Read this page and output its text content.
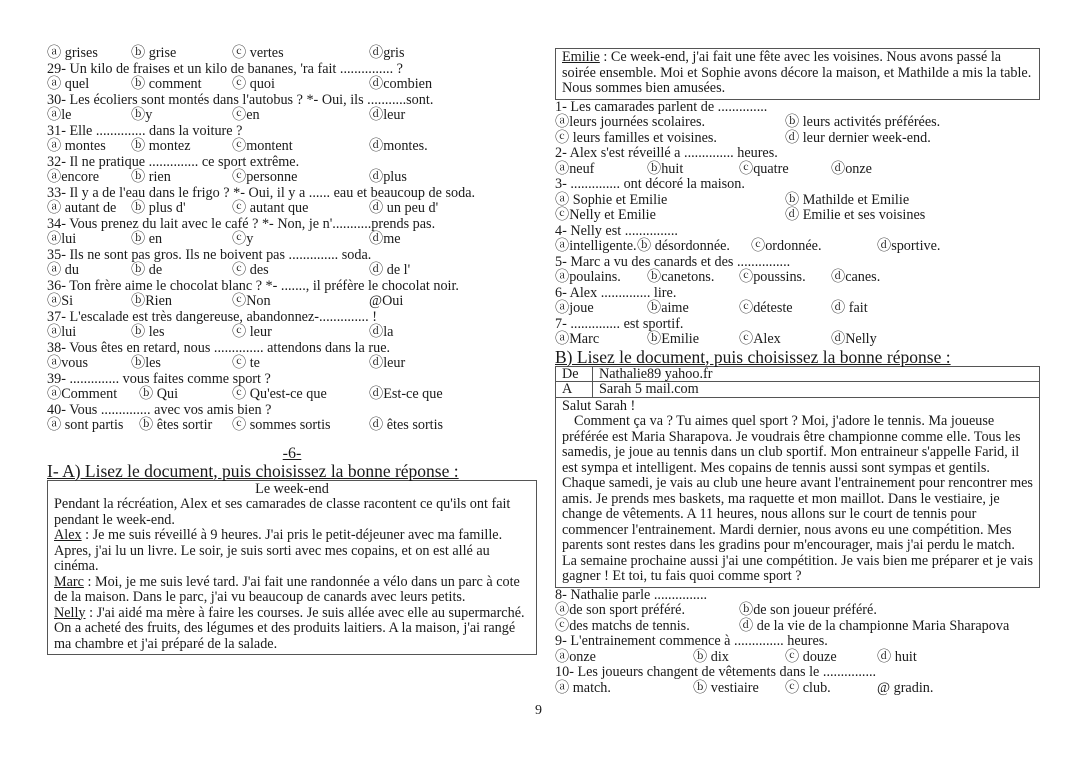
ⓐ grises ⓑ grise	ⓒ vertes	ⓓgris
29- Un kilo de fraises et un kilo de bananes, 'ra fait ............... ?
ⓐ quel	ⓑ comment ⓒ quoi	ⓓcombien
30- Les écoliers sont montés dans l'autobus ? *- Oui, ils ...........sont.
ⓐle	ⓑy	ⓒen	ⓓleur
31- Elle .............. dans la voiture ?
ⓐ montes ⓑ montez	ⓒmontent	ⓓmontes.
32- Il ne pratique .............. ce sport extrême.
ⓐencore ⓑ rien	ⓒpersonne	ⓓplus
33- Il y a de l'eau dans le frigo ? *- Oui, il y a ...... eau et beaucoup de soda.
ⓐ autant de ⓑ plus d'	ⓒ autant que	ⓓ un peu d'
34- Vous prenez du lait avec le café ? *- Non, je n'...........prends pas.
ⓐlui	ⓑ en	ⓒy	ⓓme
35- Ils ne sont pas gros. Ils ne boivent pas .............. soda.
ⓐ du	ⓑ de	ⓒ des	ⓓ de l'
36- Ton frère aime le chocolat blanc ? *- ......., il préfère le chocolat noir.
ⓐSi	ⓑRien	ⓒNon	@Oui
37- L'escalade est très dangereuse, abandonnez-.............. !
ⓐlui	ⓑ les	ⓒ leur	ⓓla
38- Vous êtes en retard, nous .............. attendons dans la rue.
ⓐvous	ⓑles	ⓒ te	ⓓleur
39- .............. vous faites comme sport ?
ⓐComment ⓑ Qui	ⓒ Qu'est-ce que	ⓓEst-ce que
40- Vous .............. avec vos amis bien ?
ⓐ sont partis ⓑ êtes sortir ⓒ sommes sortis	ⓓ êtes sortis
-6-
I- A) Lisez le document, puis choisissez la bonne réponse :

Le week-end

Pendant la récréation, Alex et ses camarades de classe racontent ce qu'ils ont fait pendant le week-end.

Alex : Je me suis réveillé à 9 heures. J'ai pris le petit-déjeuner avec ma famille. Apres, j'ai lu un livre. Le soir, je suis sorti avec mes copains, et on est allé au cinéma.

Marc : Moi, je me suis levé tard. J'ai fait une randonnée a vélo dans un parc à cote de la maison. Dans le parc, j'ai vu beaucoup de canards avec leurs petits.

Nelly : J'ai aidé ma mère à faire les courses. Je suis allée avec elle au supermarché. On a acheté des fruits, des légumes et des produits laitiers. A la maison, j'ai rangé ma chambre et j'ai préparé de la salade.

Emilie : Ce week-end, j'ai fait une fête avec les voisines. Nous avons passé la soirée ensemble. Moi et Sophie avons décore la maison, et Mathilde a mis la table. Nous sommes bien amusées.

1- Les camarades parlent de ..............
ⓐleurs journées scolaires.	ⓑ leurs activités préférées.
ⓒ leurs familles et voisines.	ⓓ leur dernier week-end.
2- Alex s'est réveillé a .............. heures.
ⓐneuf	ⓑhuit	ⓒquatre	ⓓonze
3- .............. ont décoré la maison.
ⓐ Sophie et Emilie	ⓑ Mathilde et Emilie
ⓒNelly et Emilie	ⓓ Emilie et ses voisines
4- Nelly est ...............
ⓐintelligente. ⓑ désordonnée. ⓒordonnée.	ⓓsportive.
5- Marc a vu des canards et des ...............
ⓐpoulains. ⓑcanetons. ⓒpoussins. ⓓcanes.
6- Alex .............. lire.
ⓐjoue	ⓑaime	ⓒdéteste	ⓓ fait
7- .............. est sportif.
ⓐMarc	ⓑEmilie	ⓒAlex	ⓓNelly
B) Lisez le document, puis choisissez la bonne réponse :
De	Nathalie89 yahoo.fr
A	Sarah 5 mail.com

Salut Sarah !

Comment ça va ? Tu aimes quel sport ? Moi, j'adore le tennis. Ma joueuse préférée est Maria Sharapova. Je voudrais être championne comme elle. Tous les samedis, je joue au tennis dans un club sportif. Mon entraineur s'appelle Farid, il est sympa et intelligent. Mes copains de tennis aussi sont sympas et gentils. Chaque samedi, je vais au club une heure avant l'entrainement pour rencontrer mes amis. Je prends mes baskets, ma raquette et mon maillot. Dans le vestiaire, je change de vêtements. A 11 heures, nous allons sur le court de tennis pour commencer l'entrainement. Mardi dernier, nous avons eu une compétition. Mes parents sont restes dans les gradins pour m'encourager, mais j'ai perdu le match. La semaine prochaine aussi j'ai une compétition. Je vais bien me préparer et je vais gagner ! Et toi, tu fais quoi comme sport ?

8- Nathalie parle ...............
ⓐde son sport préféré.	ⓑde son joueur préféré.
ⓒdes matchs de tennis.	ⓓ de la vie de la championne Maria Sharapova
9- L'entrainement commence à .............. heures.
ⓐonze	ⓑ dix	ⓒ douze	ⓓ huit
10- Les joueurs changent de vêtements dans le ...............
ⓐ match.	ⓑ vestiaire ⓒ club.	@ gradin.
9
